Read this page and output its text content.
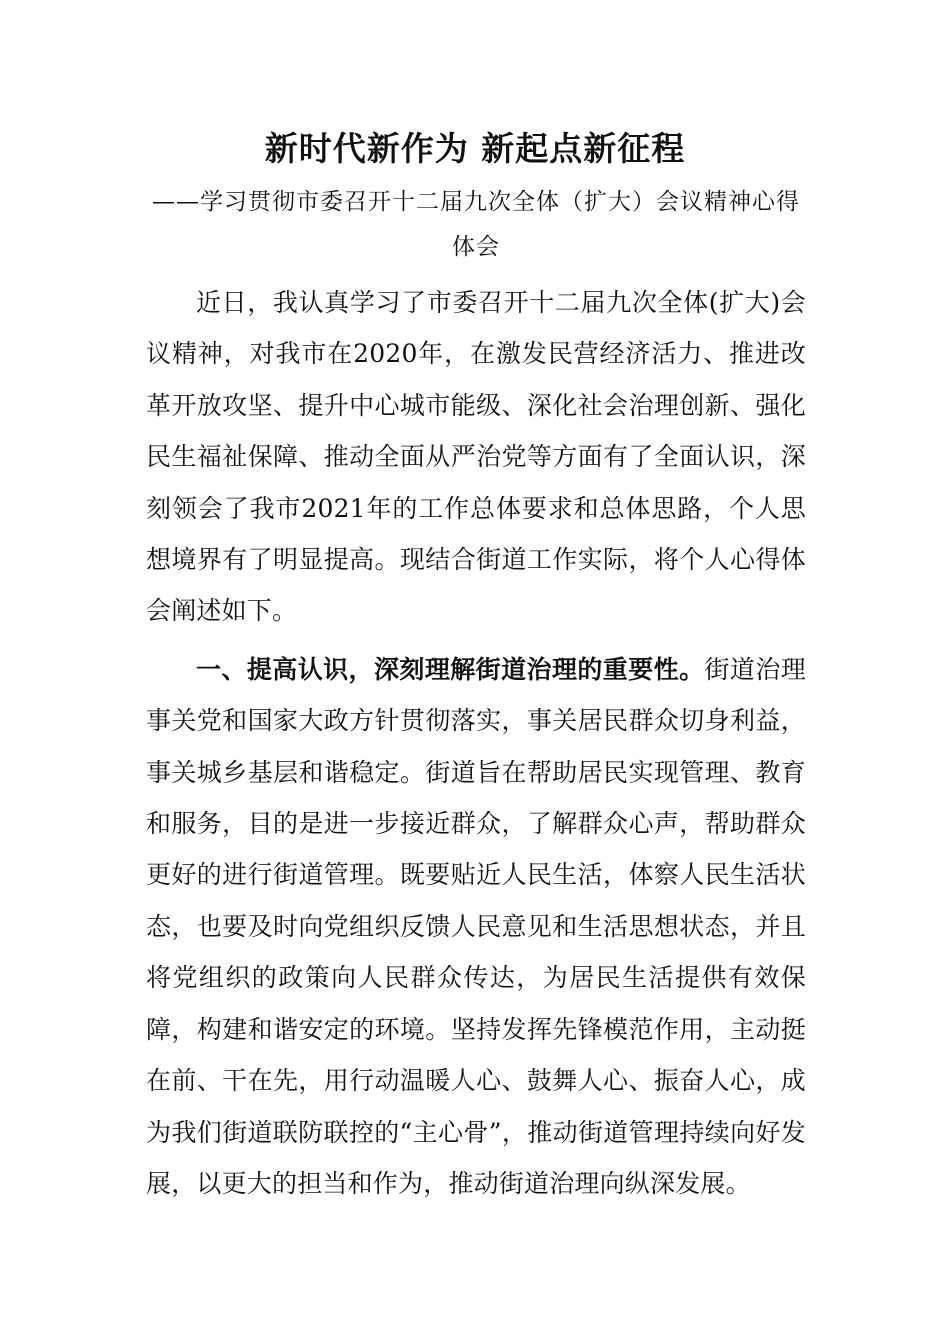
新时代新作为 新起点新征程

——学习贯彻市委召开十二届九次全体（扩大）会议精神心得体会

近日，我认真学习了市委召开十二届九次全体(扩大)会议精神，对我市在2020年，在激发民营经济活力、推进改革开放攻坚、提升中心城市能级、深化社会治理创新、强化民生福祉保障、推动全面从严治党等方面有了全面认识，深刻领会了我市2021年的工作总体要求和总体思路，个人思想境界有了明显提高。现结合街道工作实际，将个人心得体会阐述如下。

一、提高认识，深刻理解街道治理的重要性。街道治理事关党和国家大政方针贯彻落实，事关居民群众切身利益，事关城乡基层和谐稳定。街道旨在帮助居民实现管理、教育和服务，目的是进一步接近群众，了解群众心声，帮助群众更好的进行街道管理。既要贴近人民生活，体察人民生活状态，也要及时向党组织反馈人民意见和生活思想状态，并且将党组织的政策向人民群众传达，为居民生活提供有效保障，构建和谐安定的环境。坚持发挥先锋模范作用，主动挺在前、干在先，用行动温暖人心、鼓舞人心、振奋人心，成为我们街道联防联控的“主心骨”，推动街道管理持续向好发展，以更大的担当和作为，推动街道治理向纵深发展。
